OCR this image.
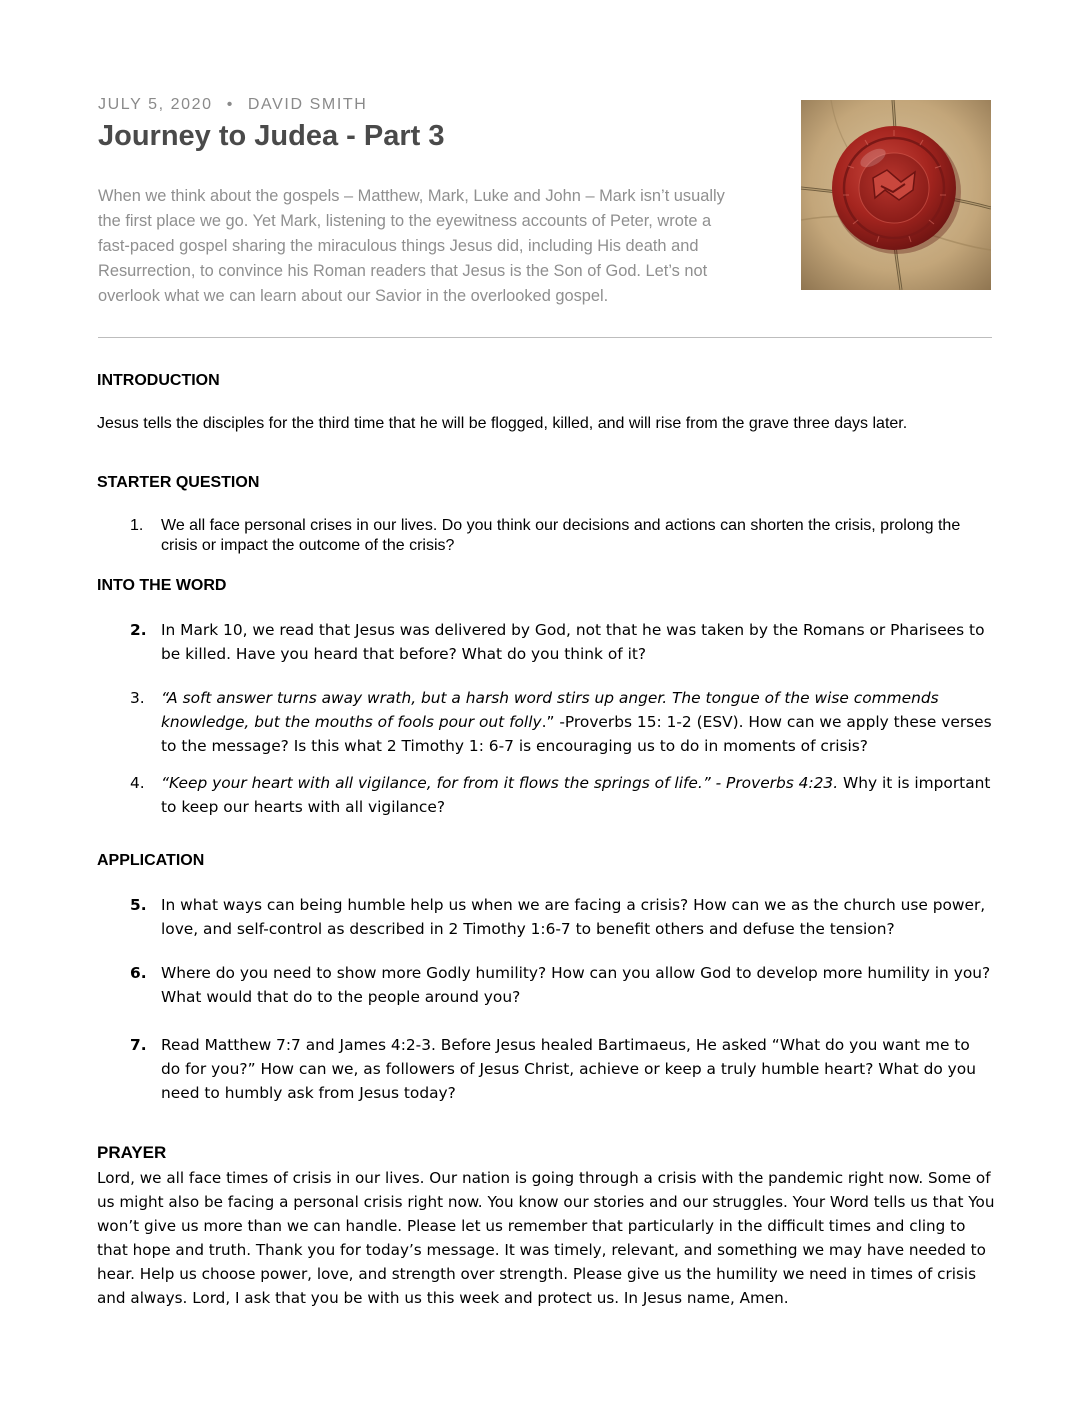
JULY 5, 2020 • DAVID SMITH
Journey to Judea - Part 3

When we think about the gospels – Matthew, Mark, Luke and John – Mark isn’t usually the first place we go. Yet Mark, listening to the eyewitness accounts of Peter, wrote a fast-paced gospel sharing the miraculous things Jesus did, including His death and Resurrection, to convince his Roman readers that Jesus is the Son of God. Let’s not overlook what we can learn about our Savior in the overlooked gospel.

INTRODUCTION

Jesus tells the disciples for the third time that he will be flogged, killed, and will rise from the grave three days later.

STARTER QUESTION
1. We all face personal crises in our lives. Do you think our decisions and actions can shorten the crisis, prolong the crisis or impact the outcome of the crisis?
INTO THE WORD
2. In Mark 10, we read that Jesus was delivered by God, not that he was taken by the Romans or Pharisees to be killed. Have you heard that before? What do you think of it?
3. “A soft answer turns away wrath, but a harsh word stirs up anger. The tongue of the wise commends knowledge, but the mouths of fools pour out folly.” -Proverbs 15: 1-2 (ESV). How can we apply these verses to the message? Is this what 2 Timothy 1: 6-7 is encouraging us to do in moments of crisis?
4. “Keep your heart with all vigilance, for from it flows the springs of life.” - Proverbs 4:23. Why it is important to keep our hearts with all vigilance?
APPLICATION
5. In what ways can being humble help us when we are facing a crisis? How can we as the church use power, love, and self-control as described in 2 Timothy 1:6-7 to benefit others and defuse the tension?
6. Where do you need to show more Godly humility? How can you allow God to develop more humility in you? What would that do to the people around you?
7. Read Matthew 7:7 and James 4:2-3. Before Jesus healed Bartimaeus, He asked “What do you want me to do for you?” How can we, as followers of Jesus Christ, achieve or keep a truly humble heart? What do you need to humbly ask from Jesus today?
PRAYER

Lord, we all face times of crisis in our lives. Our nation is going through a crisis with the pandemic right now. Some of us might also be facing a personal crisis right now. You know our stories and our struggles. Your Word tells us that You won’t give us more than we can handle. Please let us remember that particularly in the difficult times and cling to that hope and truth. Thank you for today’s message. It was timely, relevant, and something we may have needed to hear. Help us choose power, love, and strength over strength. Please give us the humility we need in times of crisis and always. Lord, I ask that you be with us this week and protect us. In Jesus name, Amen.
